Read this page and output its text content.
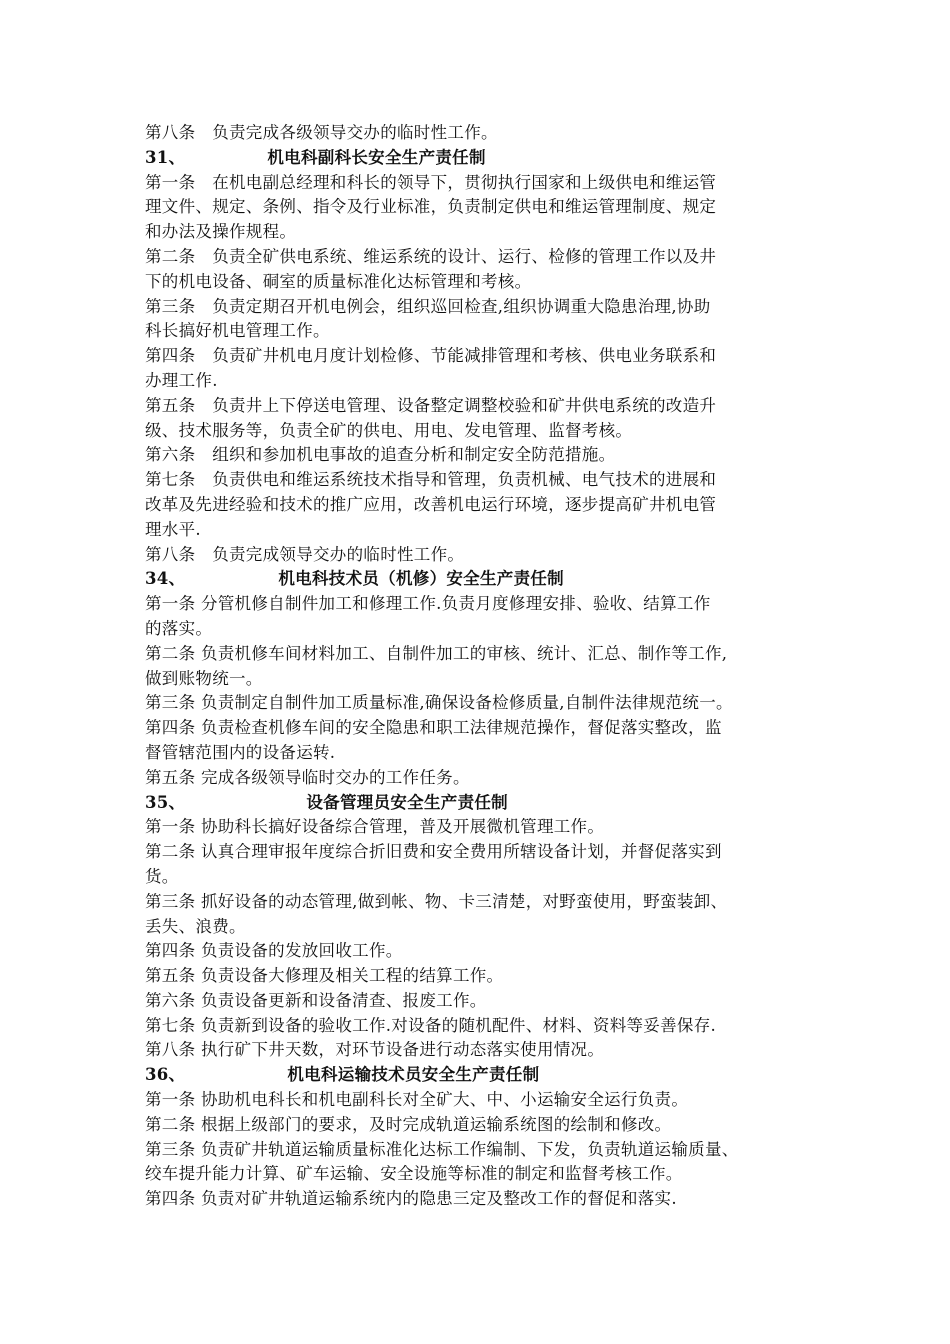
第八条　负责完成各级领导交办的临时性工作。
31、	机电科副科长安全生产责任制
第一条　在机电副总经理和科长的领导下，贯彻执行国家和上级供电和维运管
理文件、规定、条例、指令及行业标准，负责制定供电和维运管理制度、规定
和办法及操作规程。
第二条　负责全矿供电系统、维运系统的设计、运行、检修的管理工作以及井
下的机电设备、硐室的质量标准化达标管理和考核。
第三条　负责定期召开机电例会，组织巡回检查,组织协调重大隐患治理,协助
科长搞好机电管理工作。
第四条　负责矿井机电月度计划检修、节能减排管理和考核、供电业务联系和
办理工作.
第五条　负责井上下停送电管理、设备整定调整校验和矿井供电系统的改造升
级、技术服务等，负责全矿的供电、用电、发电管理、监督考核。
第六条　组织和参加机电事故的追查分析和制定安全防范措施。
第七条　负责供电和维运系统技术指导和管理，负责机械、电气技术的进展和
改革及先进经验和技术的推广应用，改善机电运行环境，逐步提高矿井机电管
理水平.
第八条　负责完成领导交办的临时性工作。
34、	机电科技术员（机修）安全生产责任制
第一条 分管机修自制件加工和修理工作.负责月度修理安排、验收、结算工作
的落实。
第二条 负责机修车间材料加工、自制件加工的审核、统计、汇总、制作等工作,
做到账物统一。
第三条 负责制定自制件加工质量标准,确保设备检修质量,自制件法律规范统一。
第四条 负责检查机修车间的安全隐患和职工法律规范操作，督促落实整改，监
督管辖范围内的设备运转.
第五条 完成各级领导临时交办的工作任务。
35、	设备管理员安全生产责任制
第一条 协助科长搞好设备综合管理，普及开展微机管理工作。
第二条 认真合理审报年度综合折旧费和安全费用所辖设备计划，并督促落实到
货。
第三条 抓好设备的动态管理,做到帐、物、卡三清楚，对野蛮使用，野蛮装卸、
丢失、浪费。
第四条 负责设备的发放回收工作。
第五条 负责设备大修理及相关工程的结算工作。
第六条 负责设备更新和设备清查、报废工作。
第七条 负责新到设备的验收工作.对设备的随机配件、材料、资料等妥善保存.
第八条 执行矿下井天数，对环节设备进行动态落实使用情况。
36、	机电科运输技术员安全生产责任制
第一条 协助机电科长和机电副科长对全矿大、中、小运输安全运行负责。
第二条 根据上级部门的要求，及时完成轨道运输系统图的绘制和修改。
第三条 负责矿井轨道运输质量标准化达标工作编制、下发，负责轨道运输质量、
绞车提升能力计算、矿车运输、安全设施等标准的制定和监督考核工作。
第四条 负责对矿井轨道运输系统内的隐患三定及整改工作的督促和落实.
